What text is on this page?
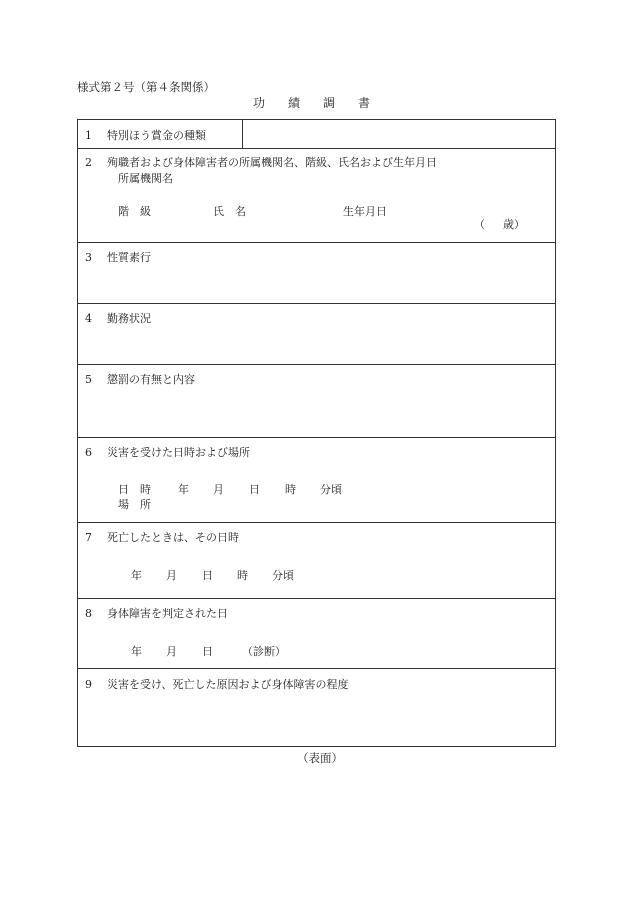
様式第２号（第４条関係）
功 績 調 書
1 特別ほう賞金の種類
2 殉職者および身体障害者の所属機関名、階級、氏名および生年月日
所属機関名
階　級	氏　名	生年月日
（ 歳）
3 性質素行
4 勤務状況
5 懲罰の有無と内容
6 災害を受けた日時および場所
日　時 年 月 日 時 分頃
場　所
7 死亡したときは、その日時
年 月 日 時 分頃
8 身体障害を判定された日
年 月 日	（診断）
9 災害を受け、死亡した原因および身体障害の程度
（表面）
